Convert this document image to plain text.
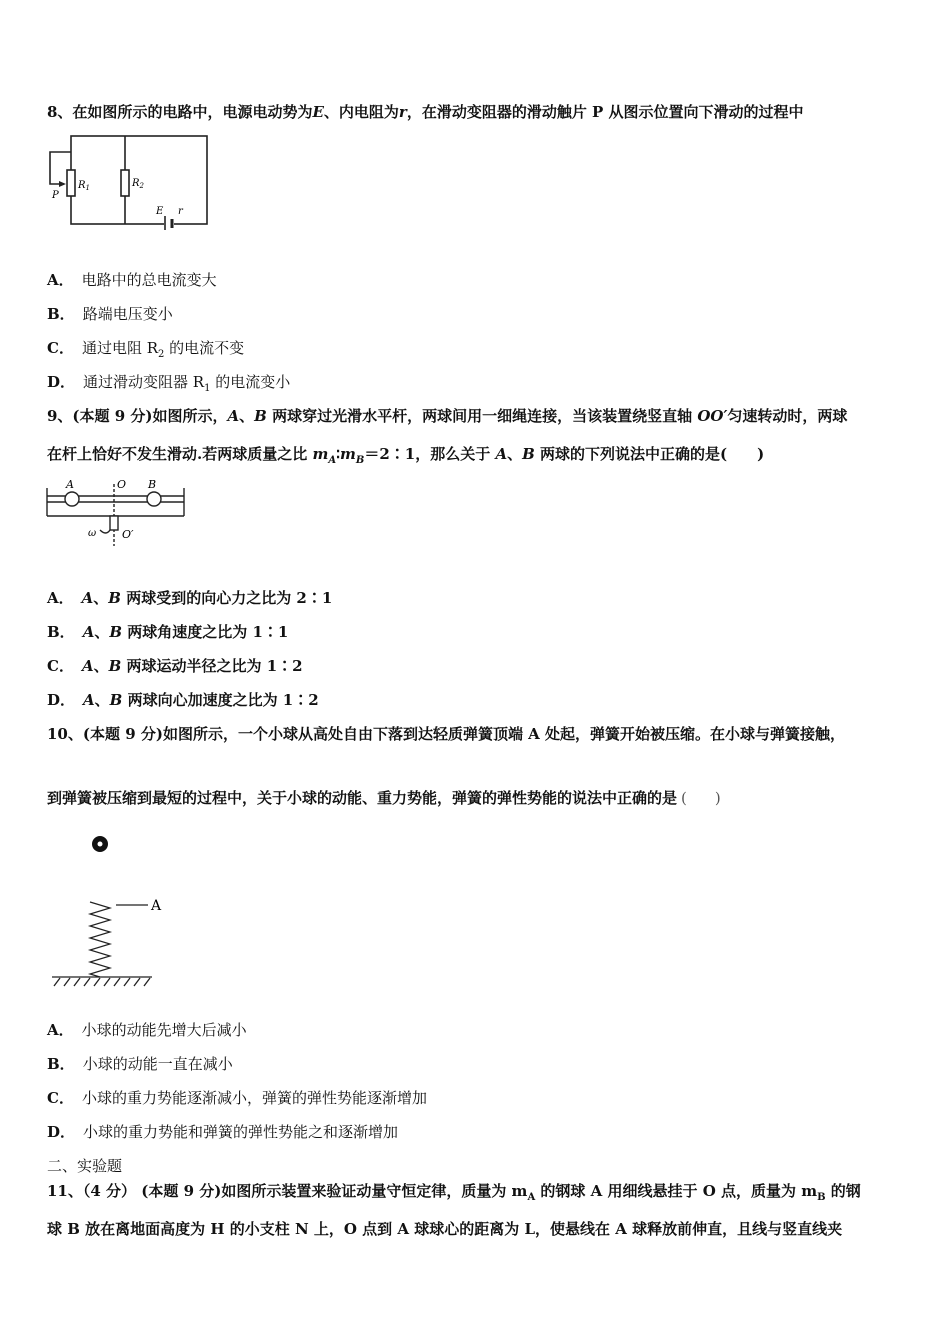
8、在如图所示的电路中，电源电动势为E、内电阻为r，在滑动变阻器的滑动触片 P 从图示位置向下滑动的过程中
P
$R_1$	$R_2$
E r
A． 电路中的总电流变大
B． 路端电压变小
C． 通过电阻 $R_2$ 的电流不变
D． 通过滑动变阻器 $R_1$ 的电流变小
9、(本题 9 分)如图所示，A、B 两球穿过光滑水平杆，两球间用一细绳连接，当该装置绕竖直轴 OO′匀速转动时，两球
在杆上恰好不发生滑动.若两球质量之比 $m_A∶m_B=2∶1$，那么关于 A、B 两球的下列说法中正确的是(　　)
A	O B
ω O′
A． A、B 两球受到的向心力之比为 2∶1
B． A、B 两球角速度之比为 1∶1
C． A、B 两球运动半径之比为 1∶2
D． A、B 两球向心加速度之比为 1∶2
10、(本题 9 分)如图所示，一个小球从高处自由下落到达轻质弹簧顶端 A 处起，弹簧开始被压缩。在小球与弹簧接触，
到弹簧被压缩到最短的过程中，关于小球的动能、重力势能，弹簧的弹性势能的说法中正确的是 ()
A
A． 小球的动能先增大后减小
B． 小球的动能一直在减小
C． 小球的重力势能逐渐减小，弹簧的弹性势能逐渐增加
D． 小球的重力势能和弹簧的弹性势能之和逐渐增加
二、实验题
11、（4 分） (本题 9 分)如图所示装置来验证动量守恒定律，质量为 $m_A$ 的钢球 A 用细线悬挂于 O 点，质量为 $m_B$ 的钢
球 B 放在离地面高度为 H 的小支柱 N 上，O 点到 A 球球心的距离为 L，使悬线在 A 球释放前伸直，且线与竖直线夹
